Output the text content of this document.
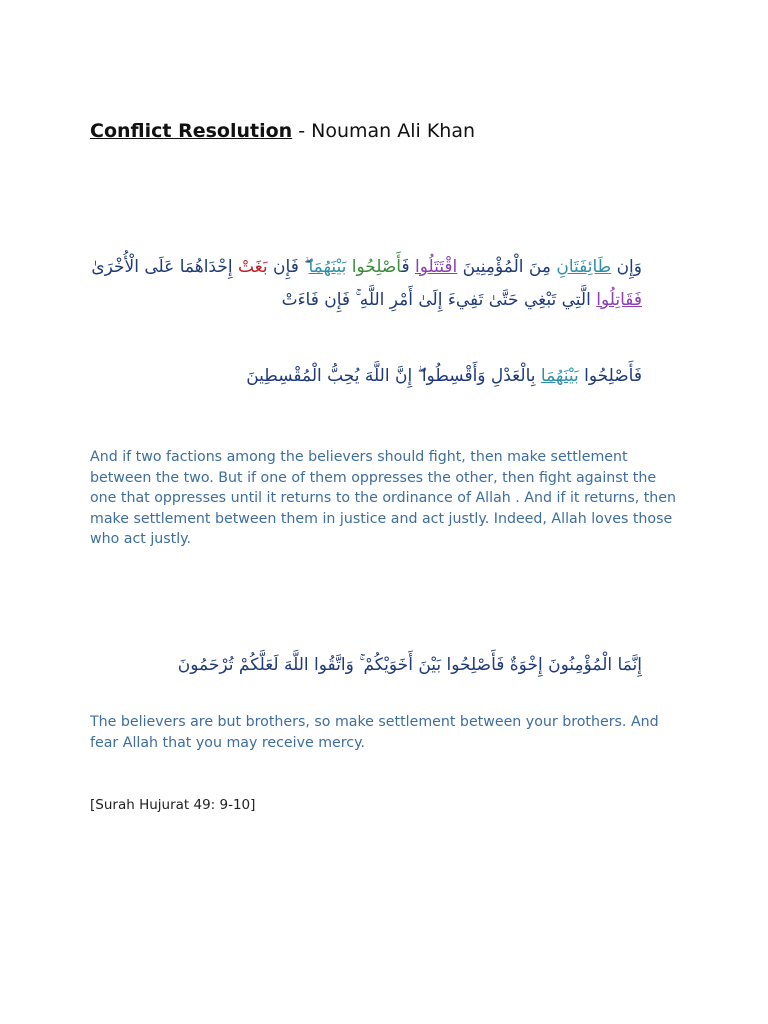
Conflict Resolution - Nouman Ali Khan
وَإِن طَائِفَتَانِ مِنَ الْمُؤْمِنِينَ اقْتَتَلُوا فَأَصْلِحُوا بَيْنَهُمَا ۖ فَإِن بَغَتْ إِحْدَاهُمَا عَلَى الْأُخْرَىٰ
فَقَاتِلُوا الَّتِي تَبْغِي حَتَّىٰ تَفِيءَ إِلَىٰ أَمْرِ اللَّهِ ۚ فَإِن فَاءَتْ
فَأَصْلِحُوا بَيْنَهُمَا بِالْعَدْلِ وَأَقْسِطُوا ۖ إِنَّ اللَّهَ يُحِبُّ الْمُقْسِطِينَ
And if two factions among the believers should fight, then make settlement between the two. But if one of them oppresses the other, then fight against the one that oppresses until it returns to the ordinance of Allah . And if it returns, then make settlement between them in justice and act justly. Indeed, Allah loves those who act justly.
إِنَّمَا الْمُؤْمِنُونَ إِخْوَةٌ فَأَصْلِحُوا بَيْنَ أَخَوَيْكُمْ ۚ وَاتَّقُوا اللَّهَ لَعَلَّكُمْ تُرْحَمُونَ
The believers are but brothers, so make settlement between your brothers. And fear Allah that you may receive mercy.
[Surah Hujurat 49: 9-10]
